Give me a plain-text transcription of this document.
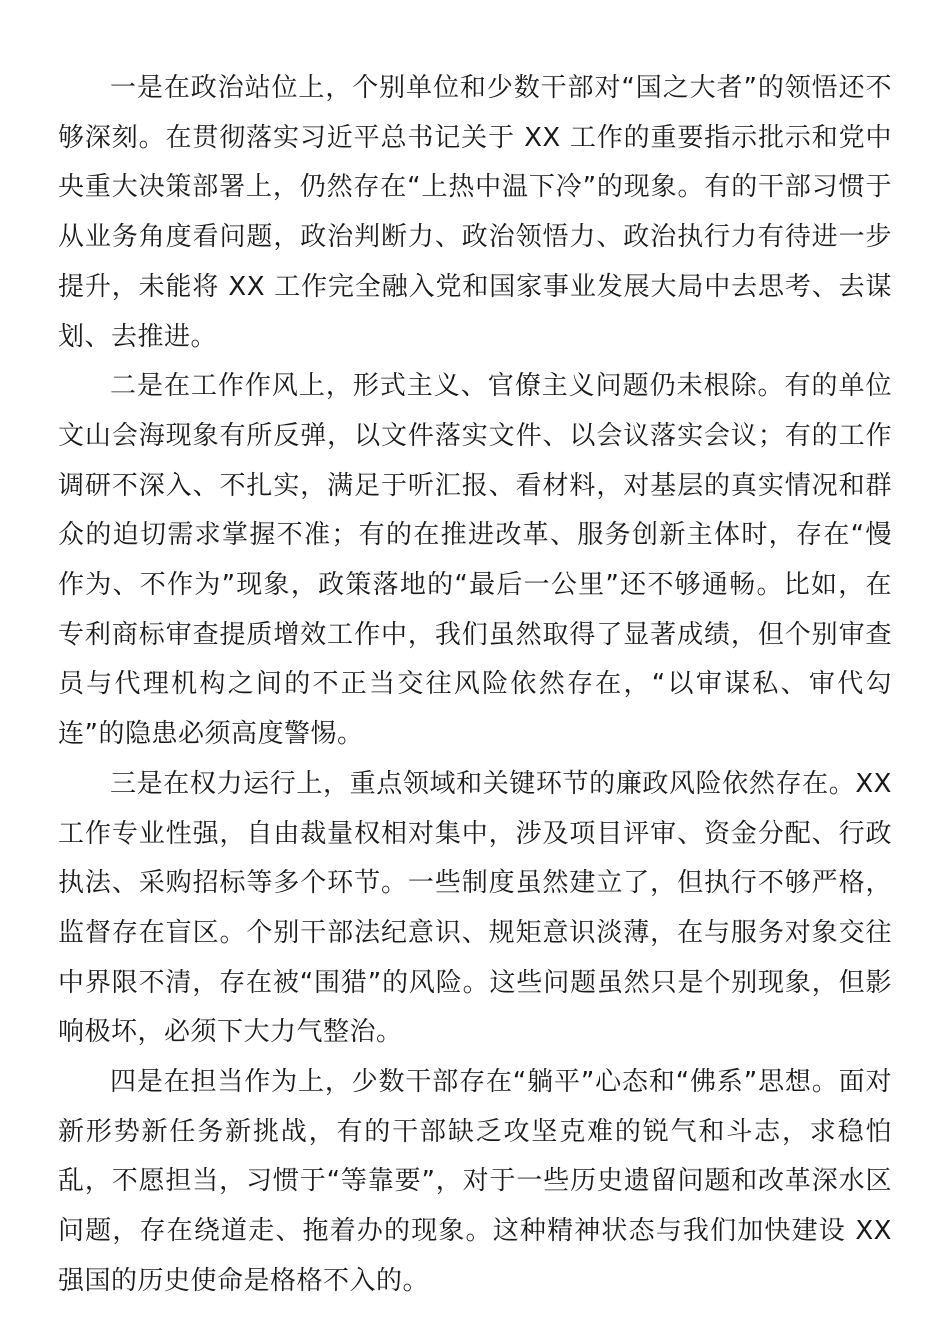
一是在政治站位上，个别单位和少数干部对“国之大者”的领悟还不够深刻。在贯彻落实习近平总书记关于 XX 工作的重要指示批示和党中央重大决策部署上，仍然存在“上热中温下冷”的现象。有的干部习惯于从业务角度看问题，政治判断力、政治领悟力、政治执行力有待进一步提升，未能将 XX 工作完全融入党和国家事业发展大局中去思考、去谋划、去推进。

二是在工作作风上，形式主义、官僚主义问题仍未根除。有的单位文山会海现象有所反弹，以文件落实文件、以会议落实会议；有的工作调研不深入、不扎实，满足于听汇报、看材料，对基层的真实情况和群众的迫切需求掌握不准；有的在推进改革、服务创新主体时，存在“慢作为、不作为”现象，政策落地的“最后一公里”还不够通畅。比如，在专利商标审查提质增效工作中，我们虽然取得了显著成绩，但个别审查员与代理机构之间的不正当交往风险依然存在，“以审谋私、审代勾连”的隐患必须高度警惕。

三是在权力运行上，重点领域和关键环节的廉政风险依然存在。XX 工作专业性强，自由裁量权相对集中，涉及项目评审、资金分配、行政执法、采购招标等多个环节。一些制度虽然建立了，但执行不够严格，监督存在盲区。个别干部法纪意识、规矩意识淡薄，在与服务对象交往中界限不清，存在被“围猎”的风险。这些问题虽然只是个别现象，但影响极坏，必须下大力气整治。

四是在担当作为上，少数干部存在“躺平”心态和“佛系”思想。面对新形势新任务新挑战，有的干部缺乏攻坚克难的锐气和斗志，求稳怕乱，不愿担当，习惯于“等靠要”，对于一些历史遗留问题和改革深水区问题，存在绕道走、拖着办的现象。这种精神状态与我们加快建设 XX 强国的历史使命是格格不入的。
